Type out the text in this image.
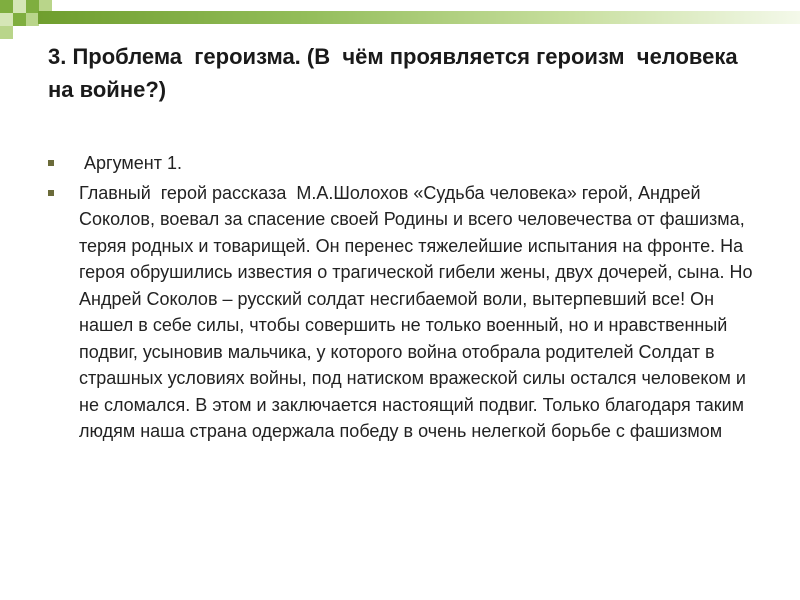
3. Проблема  героизма. (В  чём проявляется героизм  человека  на войне?)
Аргумент 1.
Главный  герой рассказа  М.А.Шолохов «Судьба человека» герой, Андрей Соколов, воевал за спасение своей Родины и всего человечества от фашизма, теряя родных и товарищей. Он перенес тяжелейшие испытания на фронте. На героя обрушились известия о трагической гибели жены, двух дочерей, сына. Но Андрей Соколов – русский солдат несгибаемой воли, вытерпевший все! Он нашел в себе силы, чтобы совершить не только военный, но и нравственный подвиг, усыновив мальчика, у которого война отобрала родителей Солдат в страшных условиях войны, под натиском вражеской силы остался человеком и не сломался. В этом и заключается настоящий подвиг. Только благодаря таким людям наша страна одержала победу в очень нелегкой борьбе с фашизмом
